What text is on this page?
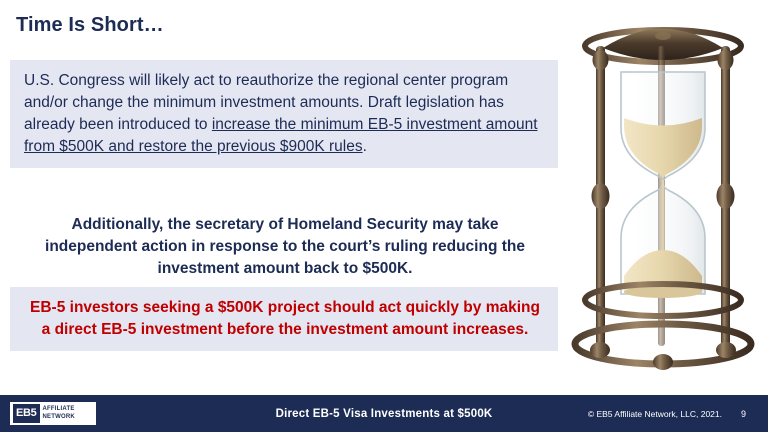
Time Is Short…
U.S. Congress will likely act to reauthorize the regional center program and/or change the minimum investment amounts. Draft legislation has already been introduced to increase the minimum EB-5 investment amount from $500K and restore the previous $900K rules.
Additionally, the secretary of Homeland Security may take independent action in response to the court’s ruling reducing the investment amount back to $500K.
EB-5 investors seeking a $500K project should act quickly by making a direct EB-5 investment before the investment amount increases.
EB5	AFFILIATE
NETWORK	Direct EB-5 Visa Investments at $500K	© EB5 Affiliate Network, LLC, 2021. 9
